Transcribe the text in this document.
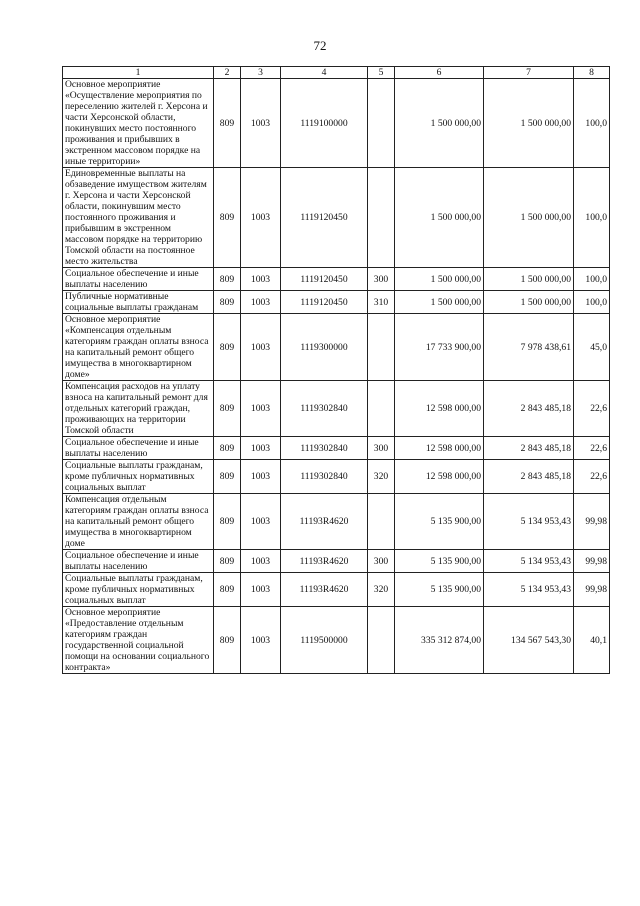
72
1	2	3	4	5	6	7	8
Основное мероприятие «Осуществление мероприятия по переселению жителей г. Херсона и части Херсонской области, покинувших место постоянного проживания и прибывших в экстренном массовом порядке на иные территории»	809	1003	1119100000		1 500 000,00	1 500 000,00	100,0
Единовременные выплаты на обзаведение имуществом жителям г. Херсона и части Херсонской области, покинувшим место постоянного проживания и прибывшим в экстренном массовом порядке на территорию Томской области на постоянное место жительства	809	1003	1119120450		1 500 000,00	1 500 000,00	100,0
Социальное обеспечение и иные выплаты населению	809	1003	1119120450	300	1 500 000,00	1 500 000,00	100,0
Публичные нормативные социальные выплаты гражданам	809	1003	1119120450	310	1 500 000,00	1 500 000,00	100,0
Основное мероприятие «Компенсация отдельным категориям граждан оплаты взноса на капитальный ремонт общего имущества в многоквартирном доме»	809	1003	1119300000		17 733 900,00	7 978 438,61	45,0
Компенсация расходов на уплату взноса на капитальный ремонт для отдельных категорий граждан, проживающих на территории Томской области	809	1003	1119302840		12 598 000,00	2 843 485,18	22,6
Социальное обеспечение и иные выплаты населению	809	1003	1119302840	300	12 598 000,00	2 843 485,18	22,6
Социальные выплаты гражданам, кроме публичных нормативных социальных выплат	809	1003	1119302840	320	12 598 000,00	2 843 485,18	22,6
Компенсация отдельным категориям граждан оплаты взноса на капитальный ремонт общего имущества в многоквартирном доме	809	1003	11193R4620		5 135 900,00	5 134 953,43	99,98
Социальное обеспечение и иные выплаты населению	809	1003	11193R4620	300	5 135 900,00	5 134 953,43	99,98
Социальные выплаты гражданам, кроме публичных нормативных социальных выплат	809	1003	11193R4620	320	5 135 900,00	5 134 953,43	99,98
Основное мероприятие «Предоставление отдельным категориям граждан государственной социальной помощи на основании социального контракта»	809	1003	1119500000		335 312 874,00	134 567 543,30	40,1
